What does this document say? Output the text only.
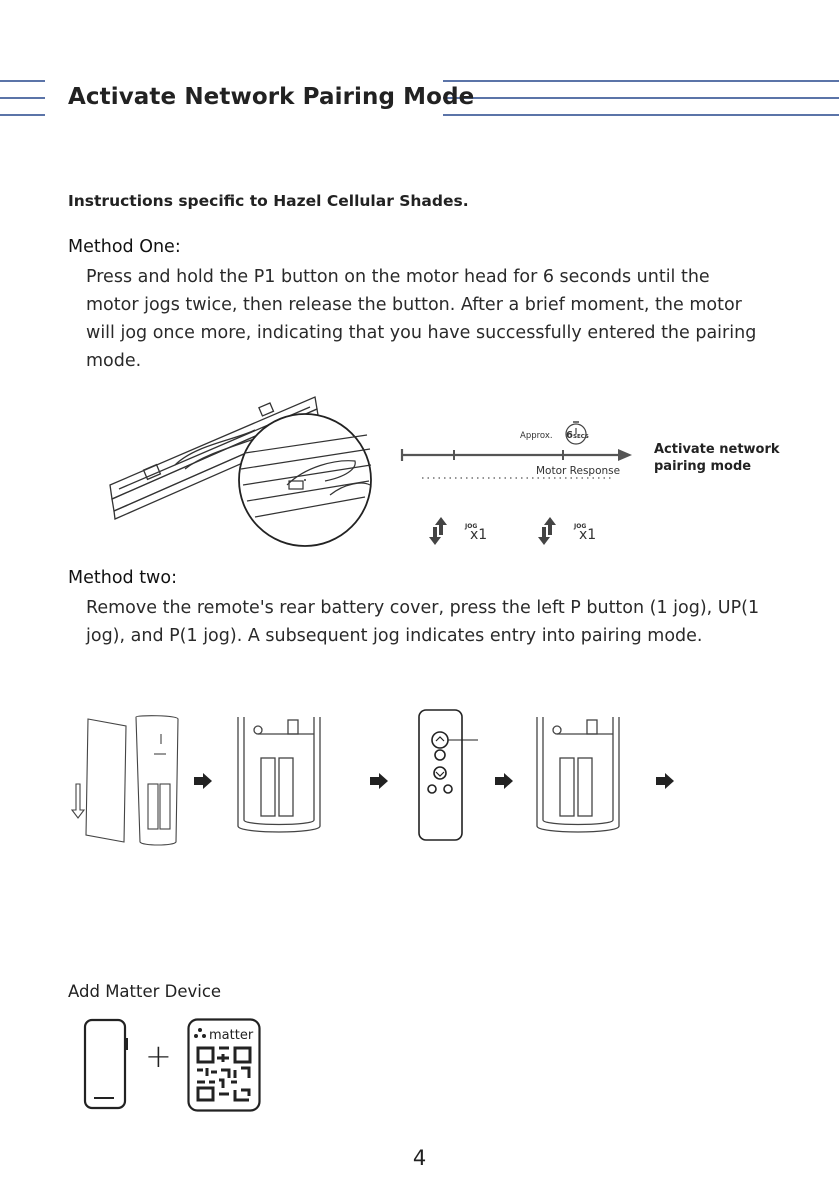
Activate Network Pairing Mode
Instructions specific to Hazel Cellular Shades.
Method One:
Press and hold the P1 button on the motor head for 6 seconds until the motor jogs twice, then release the button. After a brief moment, the motor will jog once more, indicating that you have successfully entered the pairing mode.
Approx. 6 SECS
Motor Response
Activate network pairing mode
JOG
x1
JOG
x1
Method two:
Remove the remote's rear battery cover, press the left P button (1 jog), UP(1 jog), and P(1 jog). A subsequent jog indicates entry into pairing mode.
Add Matter Device
+
matter
4
